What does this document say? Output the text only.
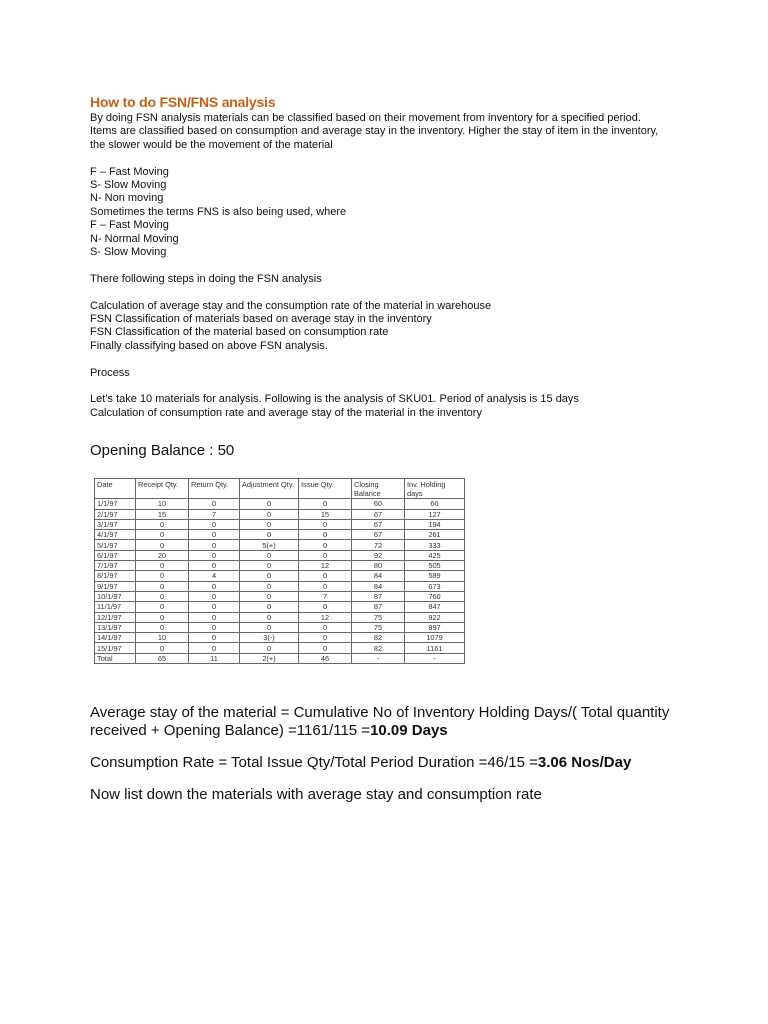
How to do FSN/FNS analysis

By doing FSN analysis materials can be classified based on their movement from inventory for a specified period.

Items are classified based on consumption and average stay in the inventory. Higher the stay of item in the inventory,

the slower would be the movement of the material

F – Fast Moving

S- Slow Moving

N- Non moving

Sometimes the terms FNS is also being used, where

F – Fast Moving

N- Normal Moving

S- Slow Moving

There following steps in doing the FSN analysis

Calculation of average stay and the consumption rate of the material in warehouse

FSN Classification of materials based on average stay in the inventory

FSN Classification of the material based on consumption rate

Finally classifying based on above FSN analysis.

Process

Let’s take 10 materials for analysis. Following is the analysis of SKU01. Period of analysis is 15 days

Calculation of consumption rate and average stay of the material in the inventory

Opening Balance : 50

Date	Receipt Qty.	Return Qty.	Adjustment Qty.	Issue Qty.	Closing Balance	Inv. Holding days
1/1/97	10	0	0	0	60	60
2/1/97	15	7	0	15	67	127
3/1/97	0	0	0	0	67	194
4/1/97	0	0	0	0	67	261
5/1/97	0	0	5(+)	0	72	333
6/1/97	20	0	0	0	92	425
7/1/97	0	0	0	12	80	505
8/1/97	0	4	0	0	84	589
9/1/97	0	0	0	0	84	673
10/1/97	0	0	0	7	87	760
11/1/97	0	0	0	0	87	847
12/1/97	0	0	0	12	75	922
13/1/97	0	0	0	0	75	997
14/1/97	10	0	3(-)	0	82	1079
15/1/97	0	0	0	0	82	1161
Total	65	11	2(+)	46	-	-

Average stay of the material = Cumulative No of Inventory Holding Days/( Total quantity

received + Opening Balance) =1161/115 =10.09 Days

Consumption Rate = Total Issue Qty/Total Period Duration =46/15 =3.06 Nos/Day

Now list down the materials with average stay and consumption rate
